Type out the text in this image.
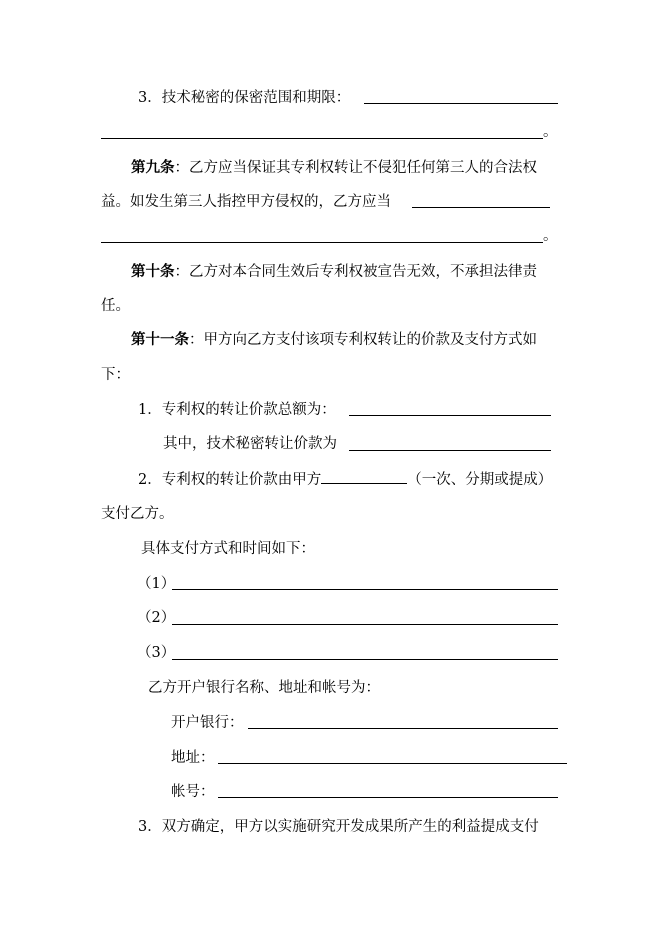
3．技术秘密的保密范围和期限：
。
第九条：乙方应当保证其专利权转让不侵犯任何第三人的合法权
益。如发生第三人指控甲方侵权的，乙方应当
。
第十条：乙方对本合同生效后专利权被宣告无效，不承担法律责
任。
第十一条：甲方向乙方支付该项专利权转让的价款及支付方式如
下：
1．专利权的转让价款总额为：
其中，技术秘密转让价款为
2．专利权的转让价款由甲方	（一次、分期或提成）
支付乙方。
具体支付方式和时间如下：
（1）
（2）
（3）
乙方开户银行名称、地址和帐号为：
开户银行：
地址：
帐号：
3．双方确定，甲方以实施研究开发成果所产生的利益提成支付
